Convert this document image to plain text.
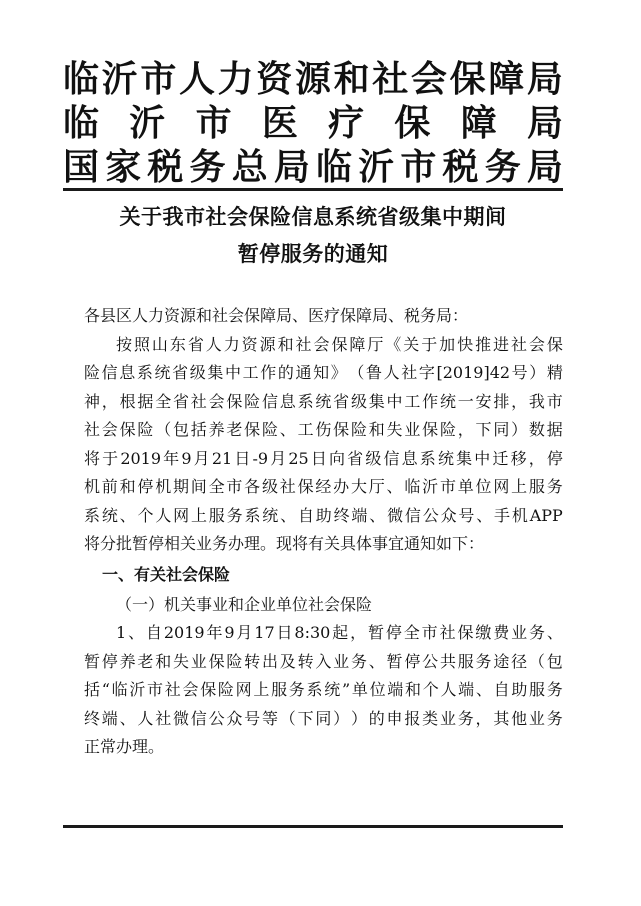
临 沂 市 人 力 资 源 和 社 会 保 障 局
临 沂 市 医 疗 保 障 局
国 家 税 务 总 局 临 沂 市 税 务 局
关于我市社会保险信息系统省级集中期间
暂停服务的通知
各县区人力资源和社会保障局、医疗保障局、税务局：
按 照 山 东 省 人 力 资 源 和 社 会 保 障 厅 《 关 于 加 快 推 进 社 会 保
险 信 息 系 统 省 级 集 中 工 作 的 通 知 》 （ 鲁 人 社 字 [2019]42 号 ） 精
神 ， 根 据 全 省 社 会 保 险 信 息 系 统 省 级 集 中 工 作 统 一 安 排 ， 我 市
社 会 保 险 （ 包 括 养 老 保 险 、 工 伤 保 险 和 失 业 保 险 ， 下 同 ） 数 据
将 于 2019 年 9 月 21 日 -9 月 25 日 向 省 级 信 息 系 统 集 中 迁 移 ， 停
机 前 和 停 机 期 间 全 市 各 级 社 保 经 办 大 厅 、 临 沂 市 单 位 网 上 服 务
系 统 、 个 人 网 上 服 务 系 统 、 自 助 终 端 、 微 信 公 众 号 、 手 机 APP
将分批暂停相关业务办理。现将有关具体事宜通知如下：
一、有关社会保险
（一）机关事业和企业单位社会保险
1 、 自 2019 年 9 月 17 日 8:30 起 ， 暂 停 全 市 社 保 缴 费 业 务 、
暂 停 养 老 和 失 业 保 险 转 出 及 转 入 业 务 、 暂 停 公 共 服 务 途 径 （ 包
括 “ 临 沂 市 社 会 保 险 网 上 服 务 系 统 ” 单 位 端 和 个 人 端 、 自 助 服 务
终 端 、 人 社 微 信 公 众 号 等 （ 下 同 ） ） 的 申 报 类 业 务 ， 其 他 业 务
正常办理。
